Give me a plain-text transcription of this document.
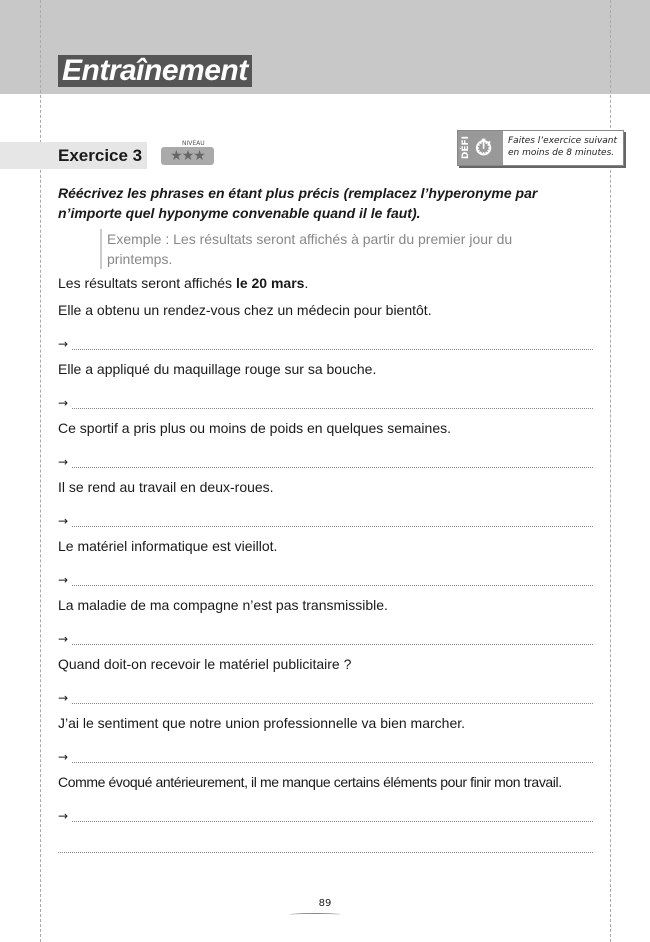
Entraînement
Exercice 3
NIVEAU
★★★	DÉFI ⏱ Faites l’exercice suivant
en moins de 8 minutes.
Réécrivez les phrases en étant plus précis (remplacez l’hyperonyme par n’importe quel hyponyme convenable quand il le faut).
Exemple : Les résultats seront affichés à partir du premier jour du printemps.
Les résultats seront affichés le 20 mars.
Elle a obtenu un rendez-vous chez un médecin pour bientôt.
→
Elle a appliqué du maquillage rouge sur sa bouche.
→
Ce sportif a pris plus ou moins de poids en quelques semaines.
→
Il se rend au travail en deux-roues.
→
Le matériel informatique est vieillot.
→
La maladie de ma compagne n’est pas transmissible.
→
Quand doit-on recevoir le matériel publicitaire ?
→
J’ai le sentiment que notre union professionnelle va bien marcher.
→
Comme évoqué antérieurement, il me manque certains éléments pour finir mon travail.
→
89
